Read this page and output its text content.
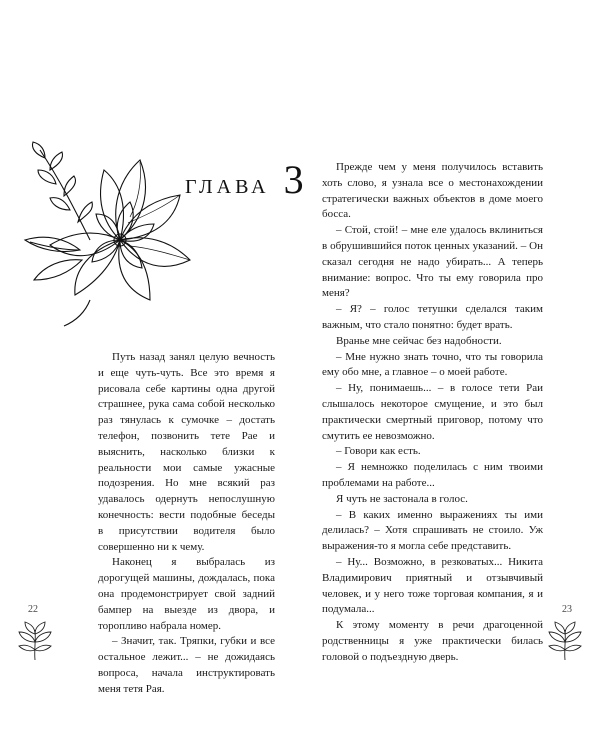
ГЛАВА 3

Путь назад занял целую вечность и еще чуть-чуть. Все это время я рисовала себе картины одна другой страшнее, рука сама собой несколько раз тянулась к сумочке – достать телефон, позвонить тете Рае и выяснить, насколько близки к реальности мои самые ужасные подозрения. Но мне всякий раз удавалось одернуть непослушную конечность: вести подобные беседы в присутствии водителя было совершенно ни к чему.

Наконец я выбралась из дорогущей машины, дождалась, пока она продемонстрирует свой задний бампер на выезде из двора, и торопливо набрала номер.

– Значит, так. Тряпки, губки и все остальное лежит... – не дожидаясь вопроса, начала инструктировать меня тетя Рая.

22

Прежде чем у меня получилось вставить хоть слово, я узнала все о местонахождении стратегически важных объектов в доме моего босса.

– Стой, стой! – мне еле удалось вклиниться в обрушившийся поток ценных указаний. – Он сказал сегодня не надо убирать... А теперь внимание: вопрос. Что ты ему говорила про меня?

– Я? – голос тетушки сделался таким важным, что стало понятно: будет врать.

Вранье мне сейчас без надобности.

– Мне нужно знать точно, что ты говорила ему обо мне, а главное – о моей работе.

– Ну, понимаешь... – в голосе тети Раи слышалось некоторое смущение, и это был практически смертный приговор, потому что смутить ее невозможно.

– Говори как есть.

– Я немножко поделилась с ним твоими проблемами на работе...

Я чуть не застонала в голос.

– В каких именно выражениях ты ими делилась? – Хотя спрашивать не стоило. Уж выражения-то я могла себе представить.

– Ну... Возможно, в резковатых... Никита Владимирович приятный и отзывчивый человек, и у него тоже торговая компания, я и подумала...

К этому моменту в речи драгоценной родственницы я уже практически билась головой о подъездную дверь.

23
